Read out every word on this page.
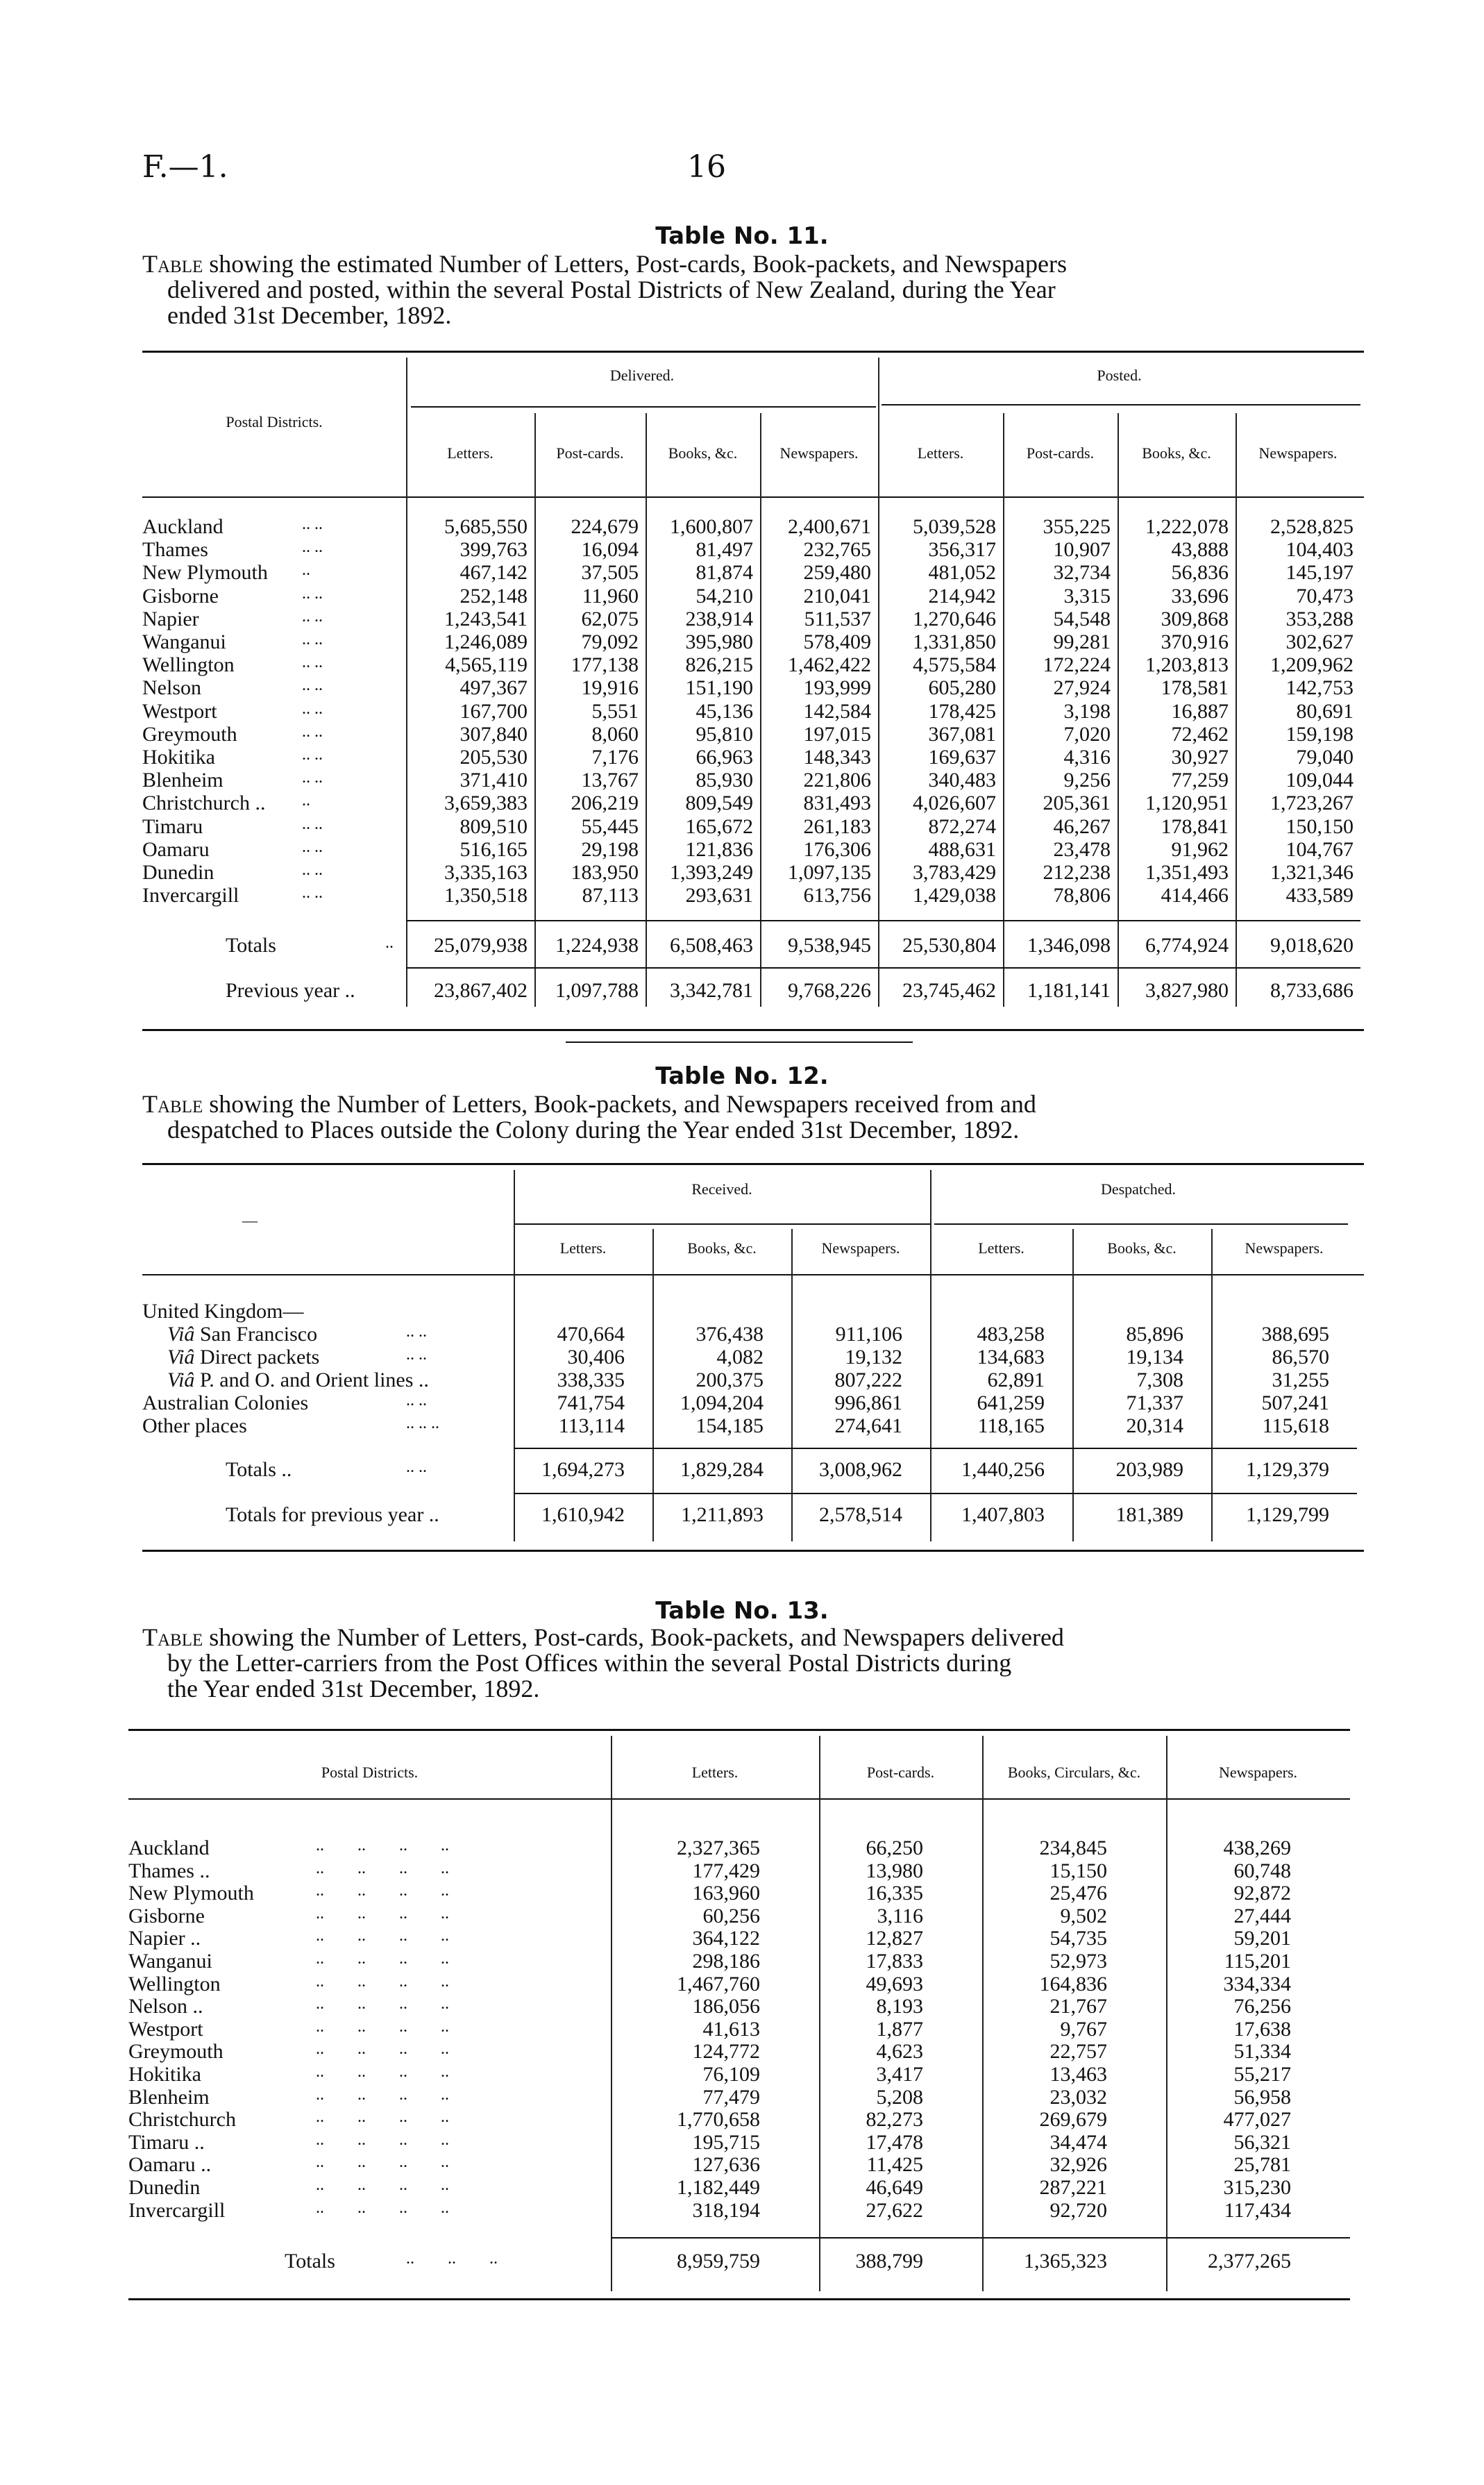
F.—1.	16
Table No. 11.
Table showing the estimated Number of Letters, Post-cards, Book-packets, and Newspapers
delivered and posted, within the several Postal Districts of New Zealand, during the Year
ended 31st December, 1892.
Postal Districts.
Delivered.	Posted.
Letters.	Post-cards.	Books, &c.	Newspapers.	Letters.	Post-cards.	Books, &c.	Newspapers.
Auckland	.. ..	5,685,550	224,679	1,600,807	2,400,671	5,039,528	355,225	1,222,078	2,528,825
Thames	.. ..	399,763	16,094	81,497	232,765	356,317	10,907	43,888	104,403
New Plymouth ..	467,142	37,505	81,874	259,480	481,052	32,734	56,836	145,197
Gisborne	.. ..	252,148	11,960	54,210	210,041	214,942	3,315	33,696	70,473
Napier	.. ..	1,243,541	62,075	238,914	511,537	1,270,646	54,548	309,868	353,288
Wanganui	.. ..	1,246,089	79,092	395,980	578,409	1,331,850	99,281	370,916	302,627
Wellington	.. ..	4,565,119	177,138	826,215	1,462,422	4,575,584	172,224	1,203,813	1,209,962
Nelson	.. ..	497,367	19,916	151,190	193,999	605,280	27,924	178,581	142,753
Westport	.. ..	167,700	5,551	45,136	142,584	178,425	3,198	16,887	80,691
Greymouth	.. ..	307,840	8,060	95,810	197,015	367,081	7,020	72,462	159,198
Hokitika	.. ..	205,530	7,176	66,963	148,343	169,637	4,316	30,927	79,040
Blenheim	.. ..	371,410	13,767	85,930	221,806	340,483	9,256	77,259	109,044
Christchurch .. ..	3,659,383	206,219	809,549	831,493	4,026,607	205,361	1,120,951	1,723,267
Timaru	.. ..	809,510	55,445	165,672	261,183	872,274	46,267	178,841	150,150
Oamaru	.. ..	516,165	29,198	121,836	176,306	488,631	23,478	91,962	104,767
Dunedin	.. ..	3,335,163	183,950	1,393,249	1,097,135	3,783,429	212,238	1,351,493	1,321,346
Invercargill	.. ..	1,350,518	87,113	293,631	613,756	1,429,038	78,806	414,466	433,589
Totals	..	25,079,938	1,224,938	6,508,463	9,538,945	25,530,804	1,346,098	6,774,924	9,018,620
Previous year ..	23,867,402	1,097,788	3,342,781	9,768,226	23,745,462	1,181,141	3,827,980	8,733,686
Table No. 12.
Table showing the Number of Letters, Book-packets, and Newspapers received from and
despatched to Places outside the Colony during the Year ended 31st December, 1892.
—
Received.	Despatched.
Letters.	Books, &c.	Newspapers.	Letters.	Books, &c.	Newspapers.
United Kingdom—
Viâ San Francisco	.. ..	470,664	376,438	911,106	483,258	85,896	388,695
Viâ Direct packets	.. ..	30,406	4,082	19,132	134,683	19,134	86,570
Viâ P. and O. and Orient lines ..	338,335	200,375	807,222	62,891	7,308	31,255
Australian Colonies	.. ..	741,754	1,094,204	996,861	641,259	71,337	507,241
Other places	.. .. ..	113,114	154,185	274,641	118,165	20,314	115,618
Totals ..	.. ..	1,694,273	1,829,284	3,008,962	1,440,256	203,989	1,129,379
Totals for previous year ..	1,610,942	1,211,893	2,578,514	1,407,803	181,389	1,129,799
Table No. 13.
Table showing the Number of Letters, Post-cards, Book-packets, and Newspapers delivered
by the Letter-carriers from the Post Offices within the several Postal Districts during
the Year ended 31st December, 1892.
Postal Districts.	Letters.	Post-cards.	Books, Circulars, &c.	Newspapers.
Auckland	..        ..        ..        ..	2,327,365	66,250	234,845	438,269
Thames ..	..        ..        ..        ..	177,429	13,980	15,150	60,748
New Plymouth	..        ..        ..        ..	163,960	16,335	25,476	92,872
Gisborne	..        ..        ..        ..	60,256	3,116	9,502	27,444
Napier ..	..        ..        ..        ..	364,122	12,827	54,735	59,201
Wanganui	..        ..        ..        ..	298,186	17,833	52,973	115,201
Wellington	..        ..        ..        ..	1,467,760	49,693	164,836	334,334
Nelson ..	..        ..        ..        ..	186,056	8,193	21,767	76,256
Westport	..        ..        ..        ..	41,613	1,877	9,767	17,638
Greymouth	..        ..        ..        ..	124,772	4,623	22,757	51,334
Hokitika	..        ..        ..        ..	76,109	3,417	13,463	55,217
Blenheim	..        ..        ..        ..	77,479	5,208	23,032	56,958
Christchurch	..        ..        ..        ..	1,770,658	82,273	269,679	477,027
Timaru ..	..        ..        ..        ..	195,715	17,478	34,474	56,321
Oamaru ..	..        ..        ..        ..	127,636	11,425	32,926	25,781
Dunedin	..        ..        ..        ..	1,182,449	46,649	287,221	315,230
Invercargill	..        ..        ..        ..	318,194	27,622	92,720	117,434
Totals	..        ..        ..	8,959,759	388,799	1,365,323	2,377,265
